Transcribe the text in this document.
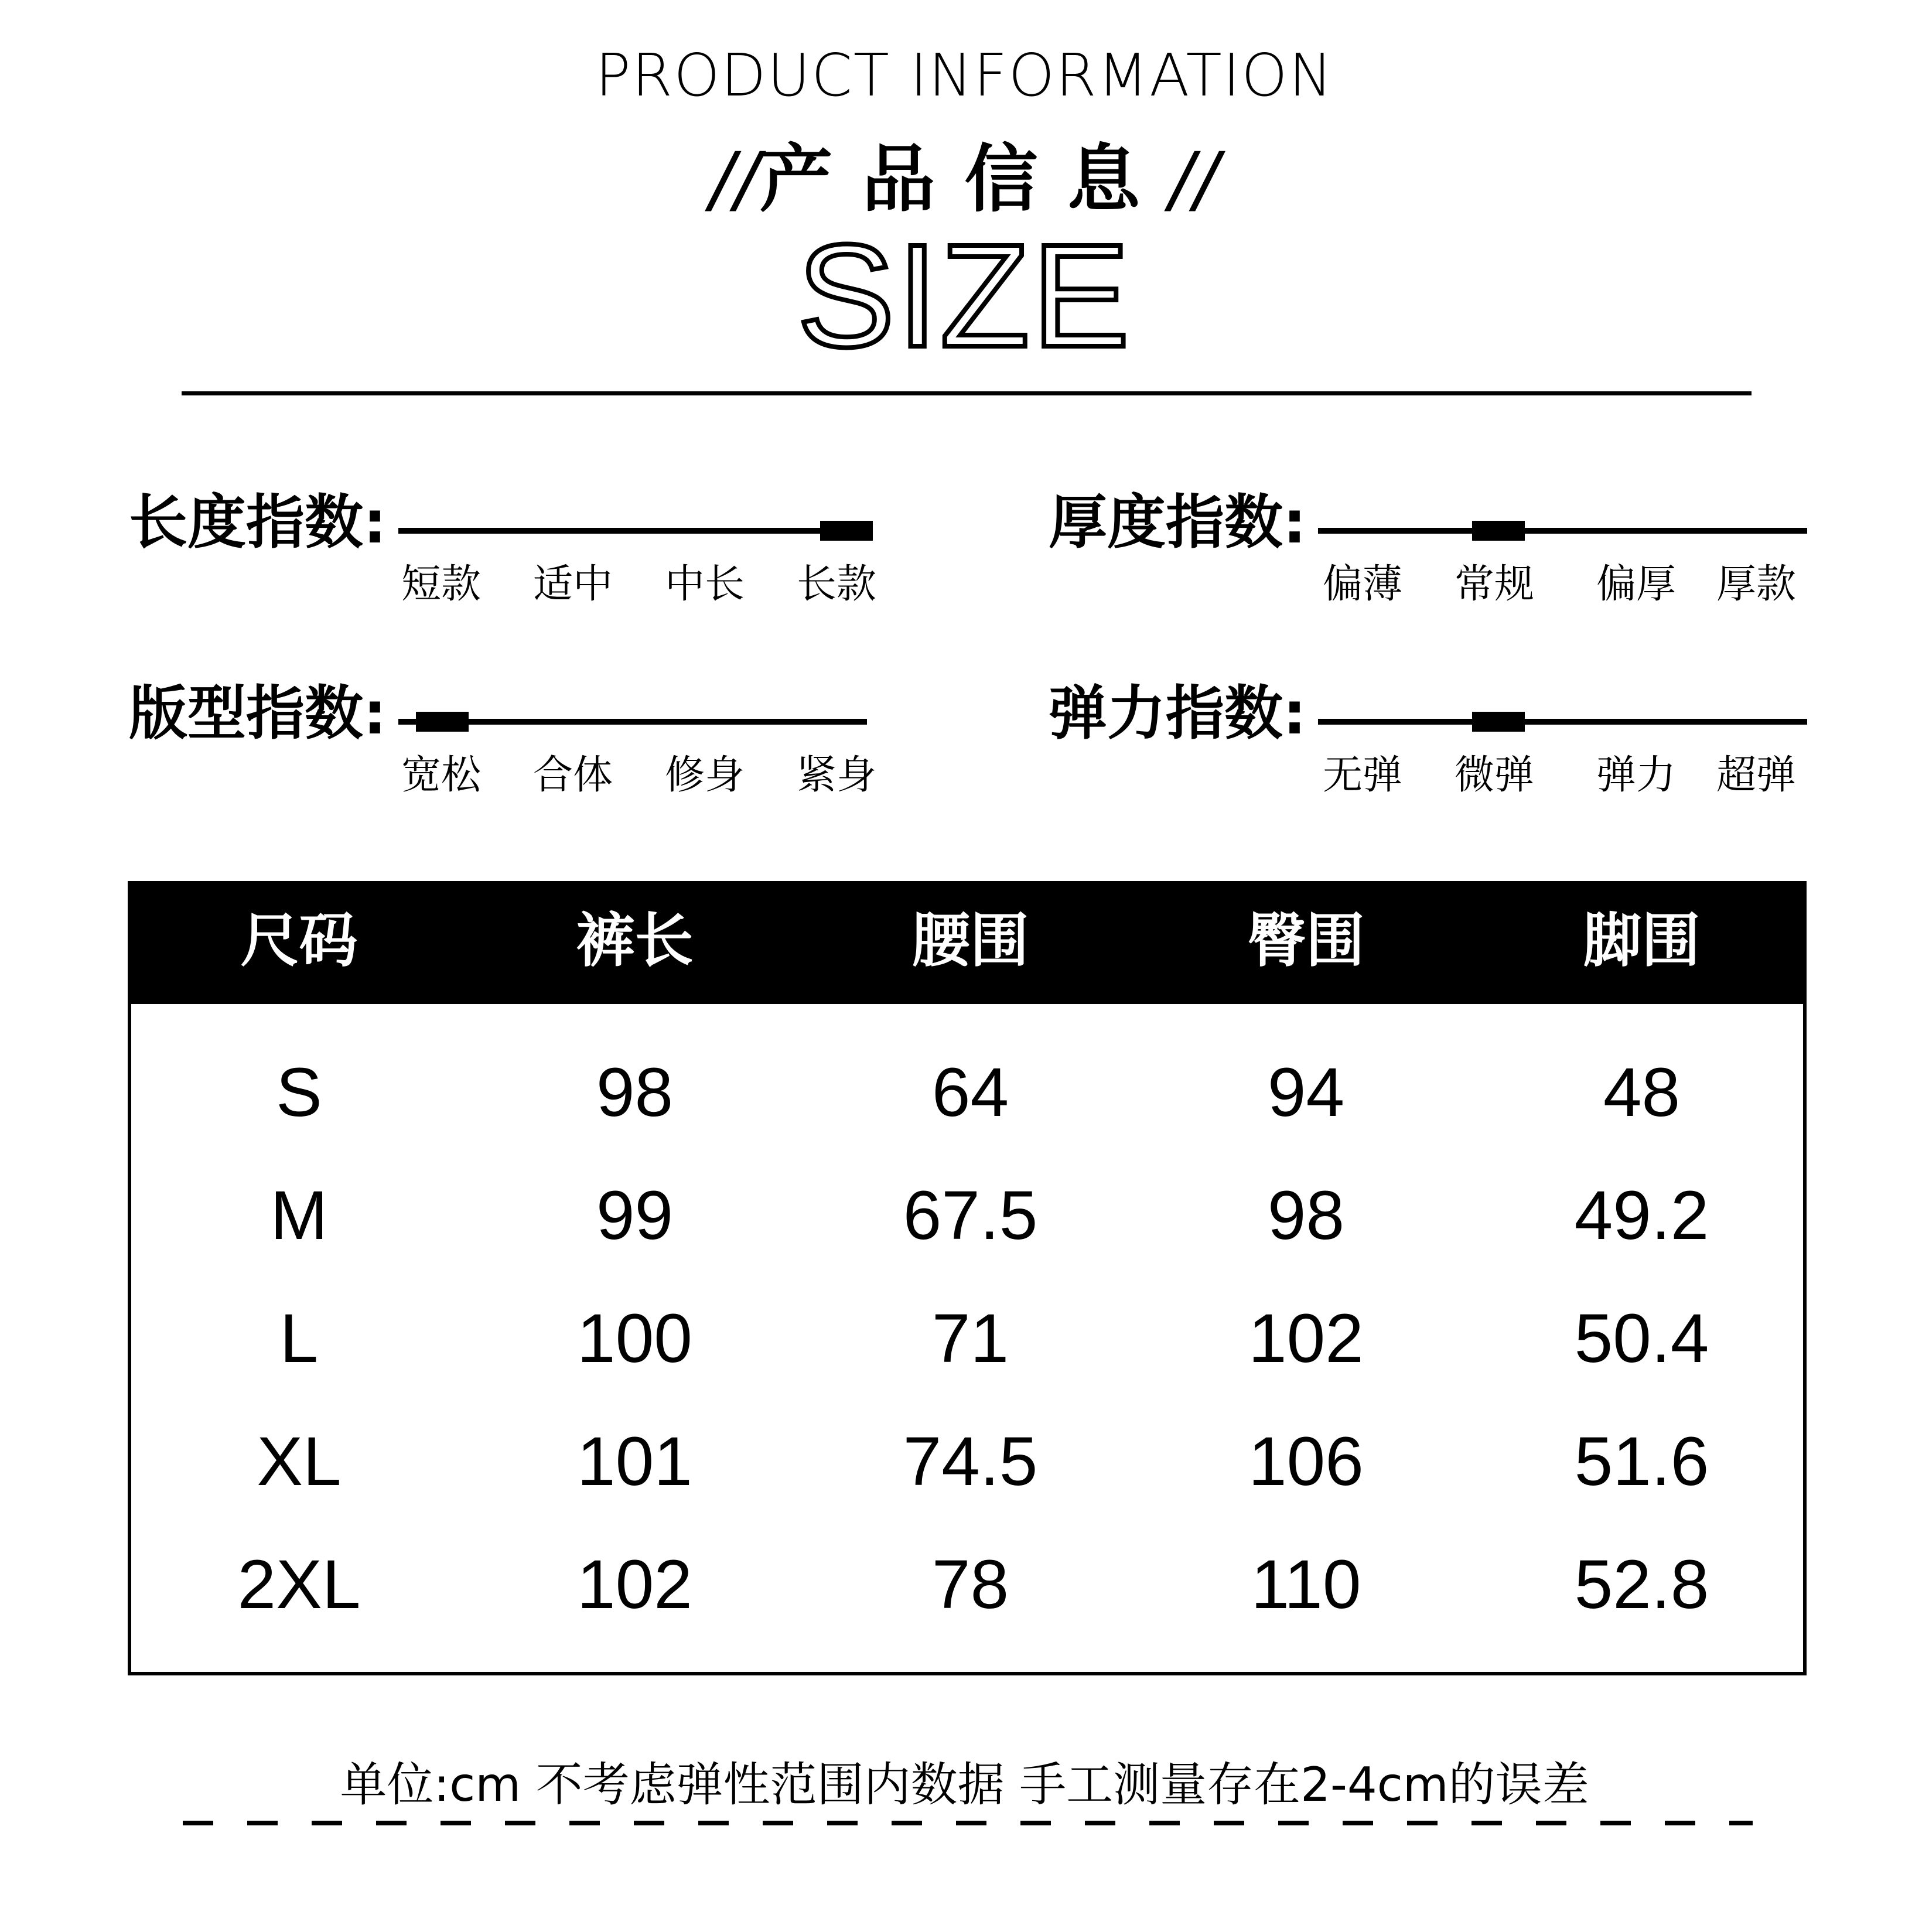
PRODUCT INFORMATION
//产品信息//
SIZE
长度指数:
短款 适中 中长 长款
厚度指数:
偏薄 常规 偏厚 厚款
版型指数:
宽松 合体 修身 紧身
弹力指数:
无弹 微弹 弹力 超弹
尺码	裤长	腰围	臀围	脚围
S	98	64	94	48
M	99	67.5	98	49.2
L	100	71	102	50.4
XL	101	74.5	106	51.6
2XL	102	78	110	52.8
单位:cm 不考虑弹性范围内数据 手工测量存在2-4cm的误差
